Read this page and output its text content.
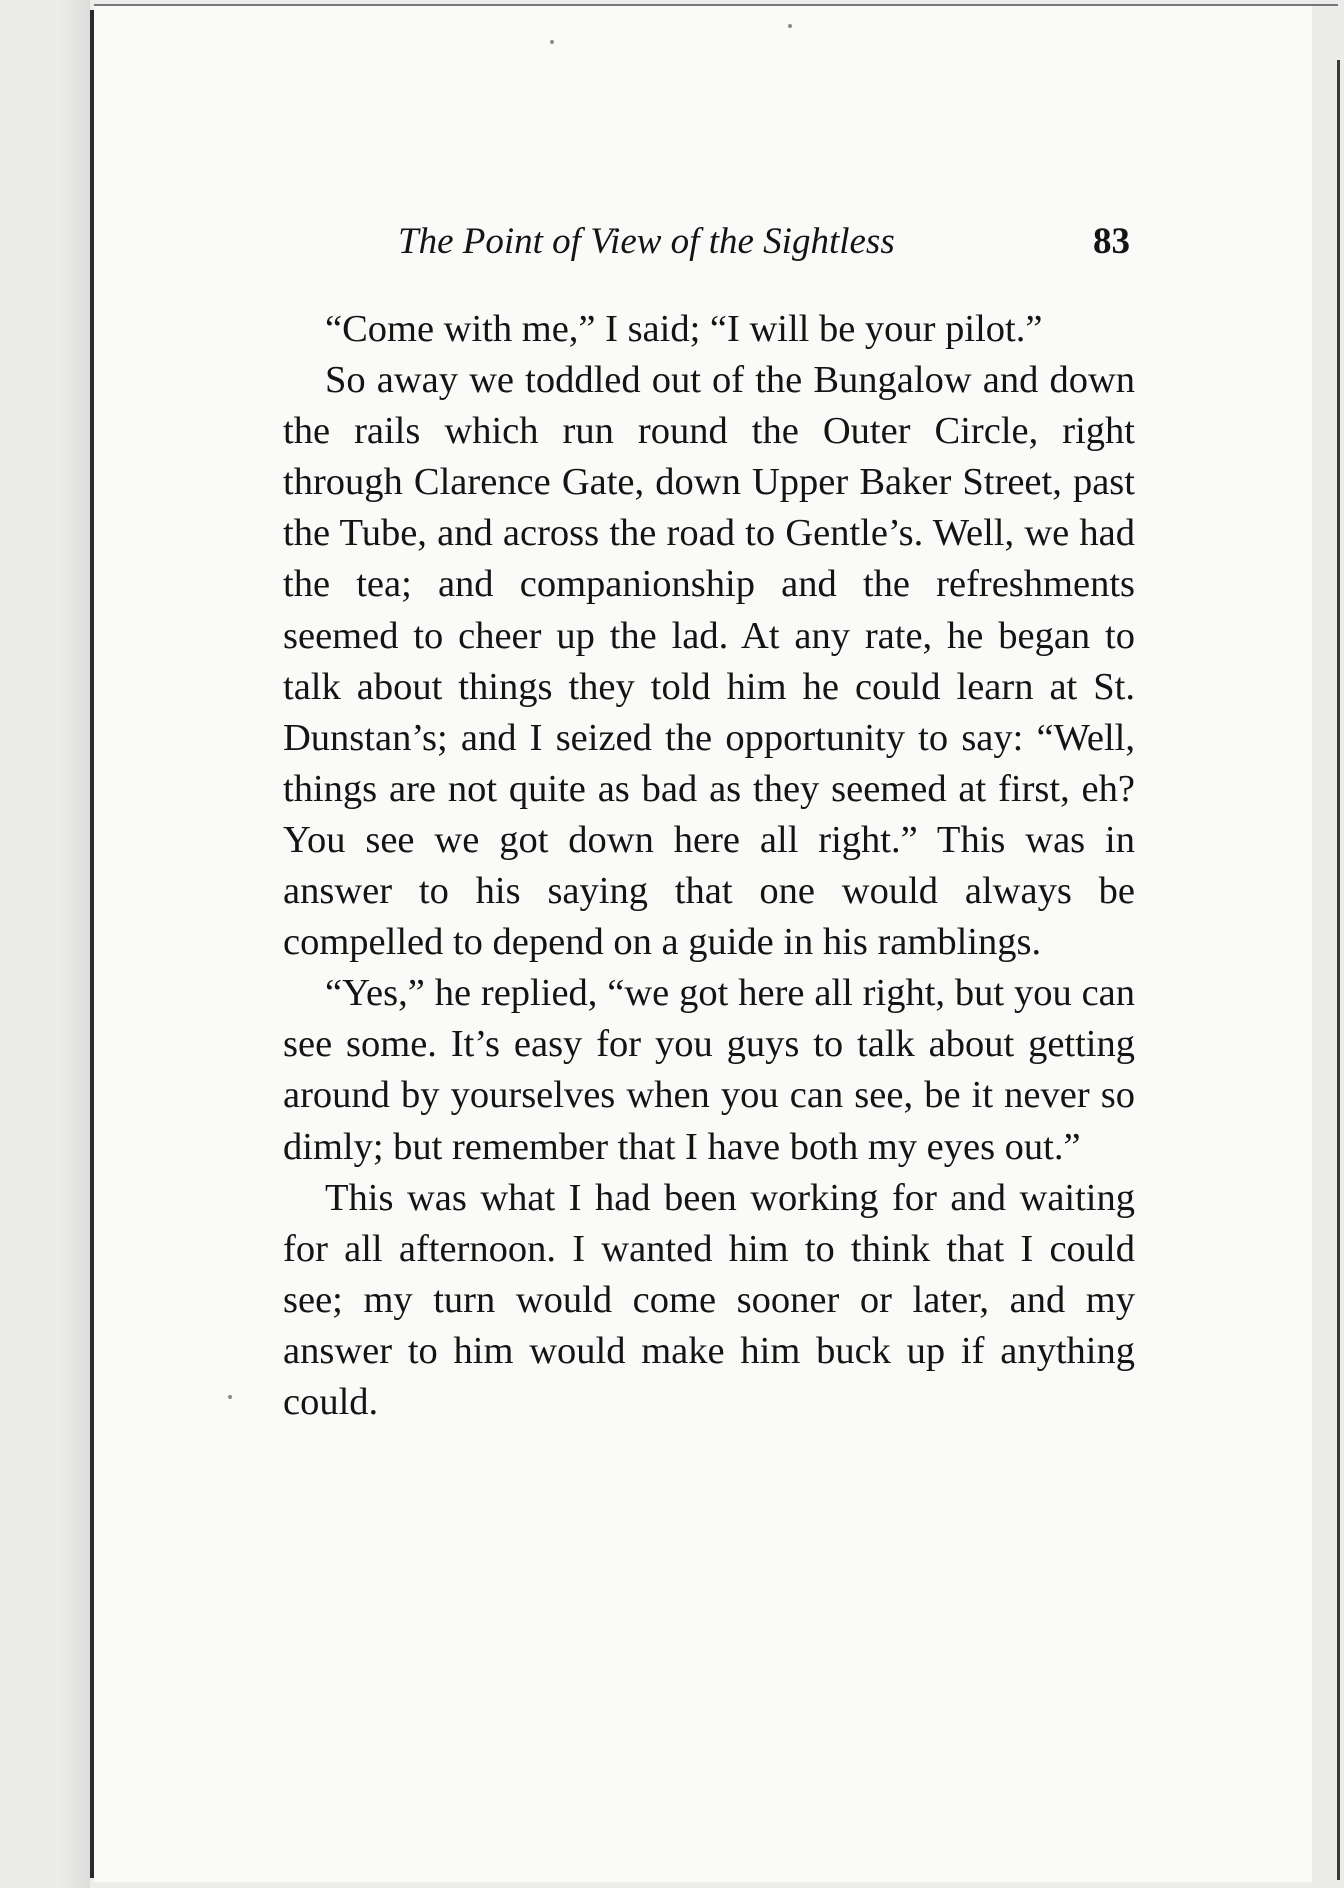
The Point of View of the Sightless	83

“Come with me,” I said; “I will be your pilot.”

So away we toddled out of the Bungalow and down the rails which run round the Outer Circle, right through Clarence Gate, down Upper Baker Street, past the Tube, and across the road to Gentle’s. Well, we had the tea; and companionship and the refreshments seemed to cheer up the lad. At any rate, he began to talk about things they told him he could learn at St. Dunstan’s; and I seized the opportunity to say: “Well, things are not quite as bad as they seemed at first, eh? You see we got down here all right.” This was in answer to his saying that one would always be compelled to depend on a guide in his ramblings.

“Yes,” he replied, “we got here all right, but you can see some. It’s easy for you guys to talk about getting around by yourselves when you can see, be it never so dimly; but remember that I have both my eyes out.”

This was what I had been working for and waiting for all afternoon. I wanted him to think that I could see; my turn would come sooner or later, and my answer to him would make him buck up if anything could.
